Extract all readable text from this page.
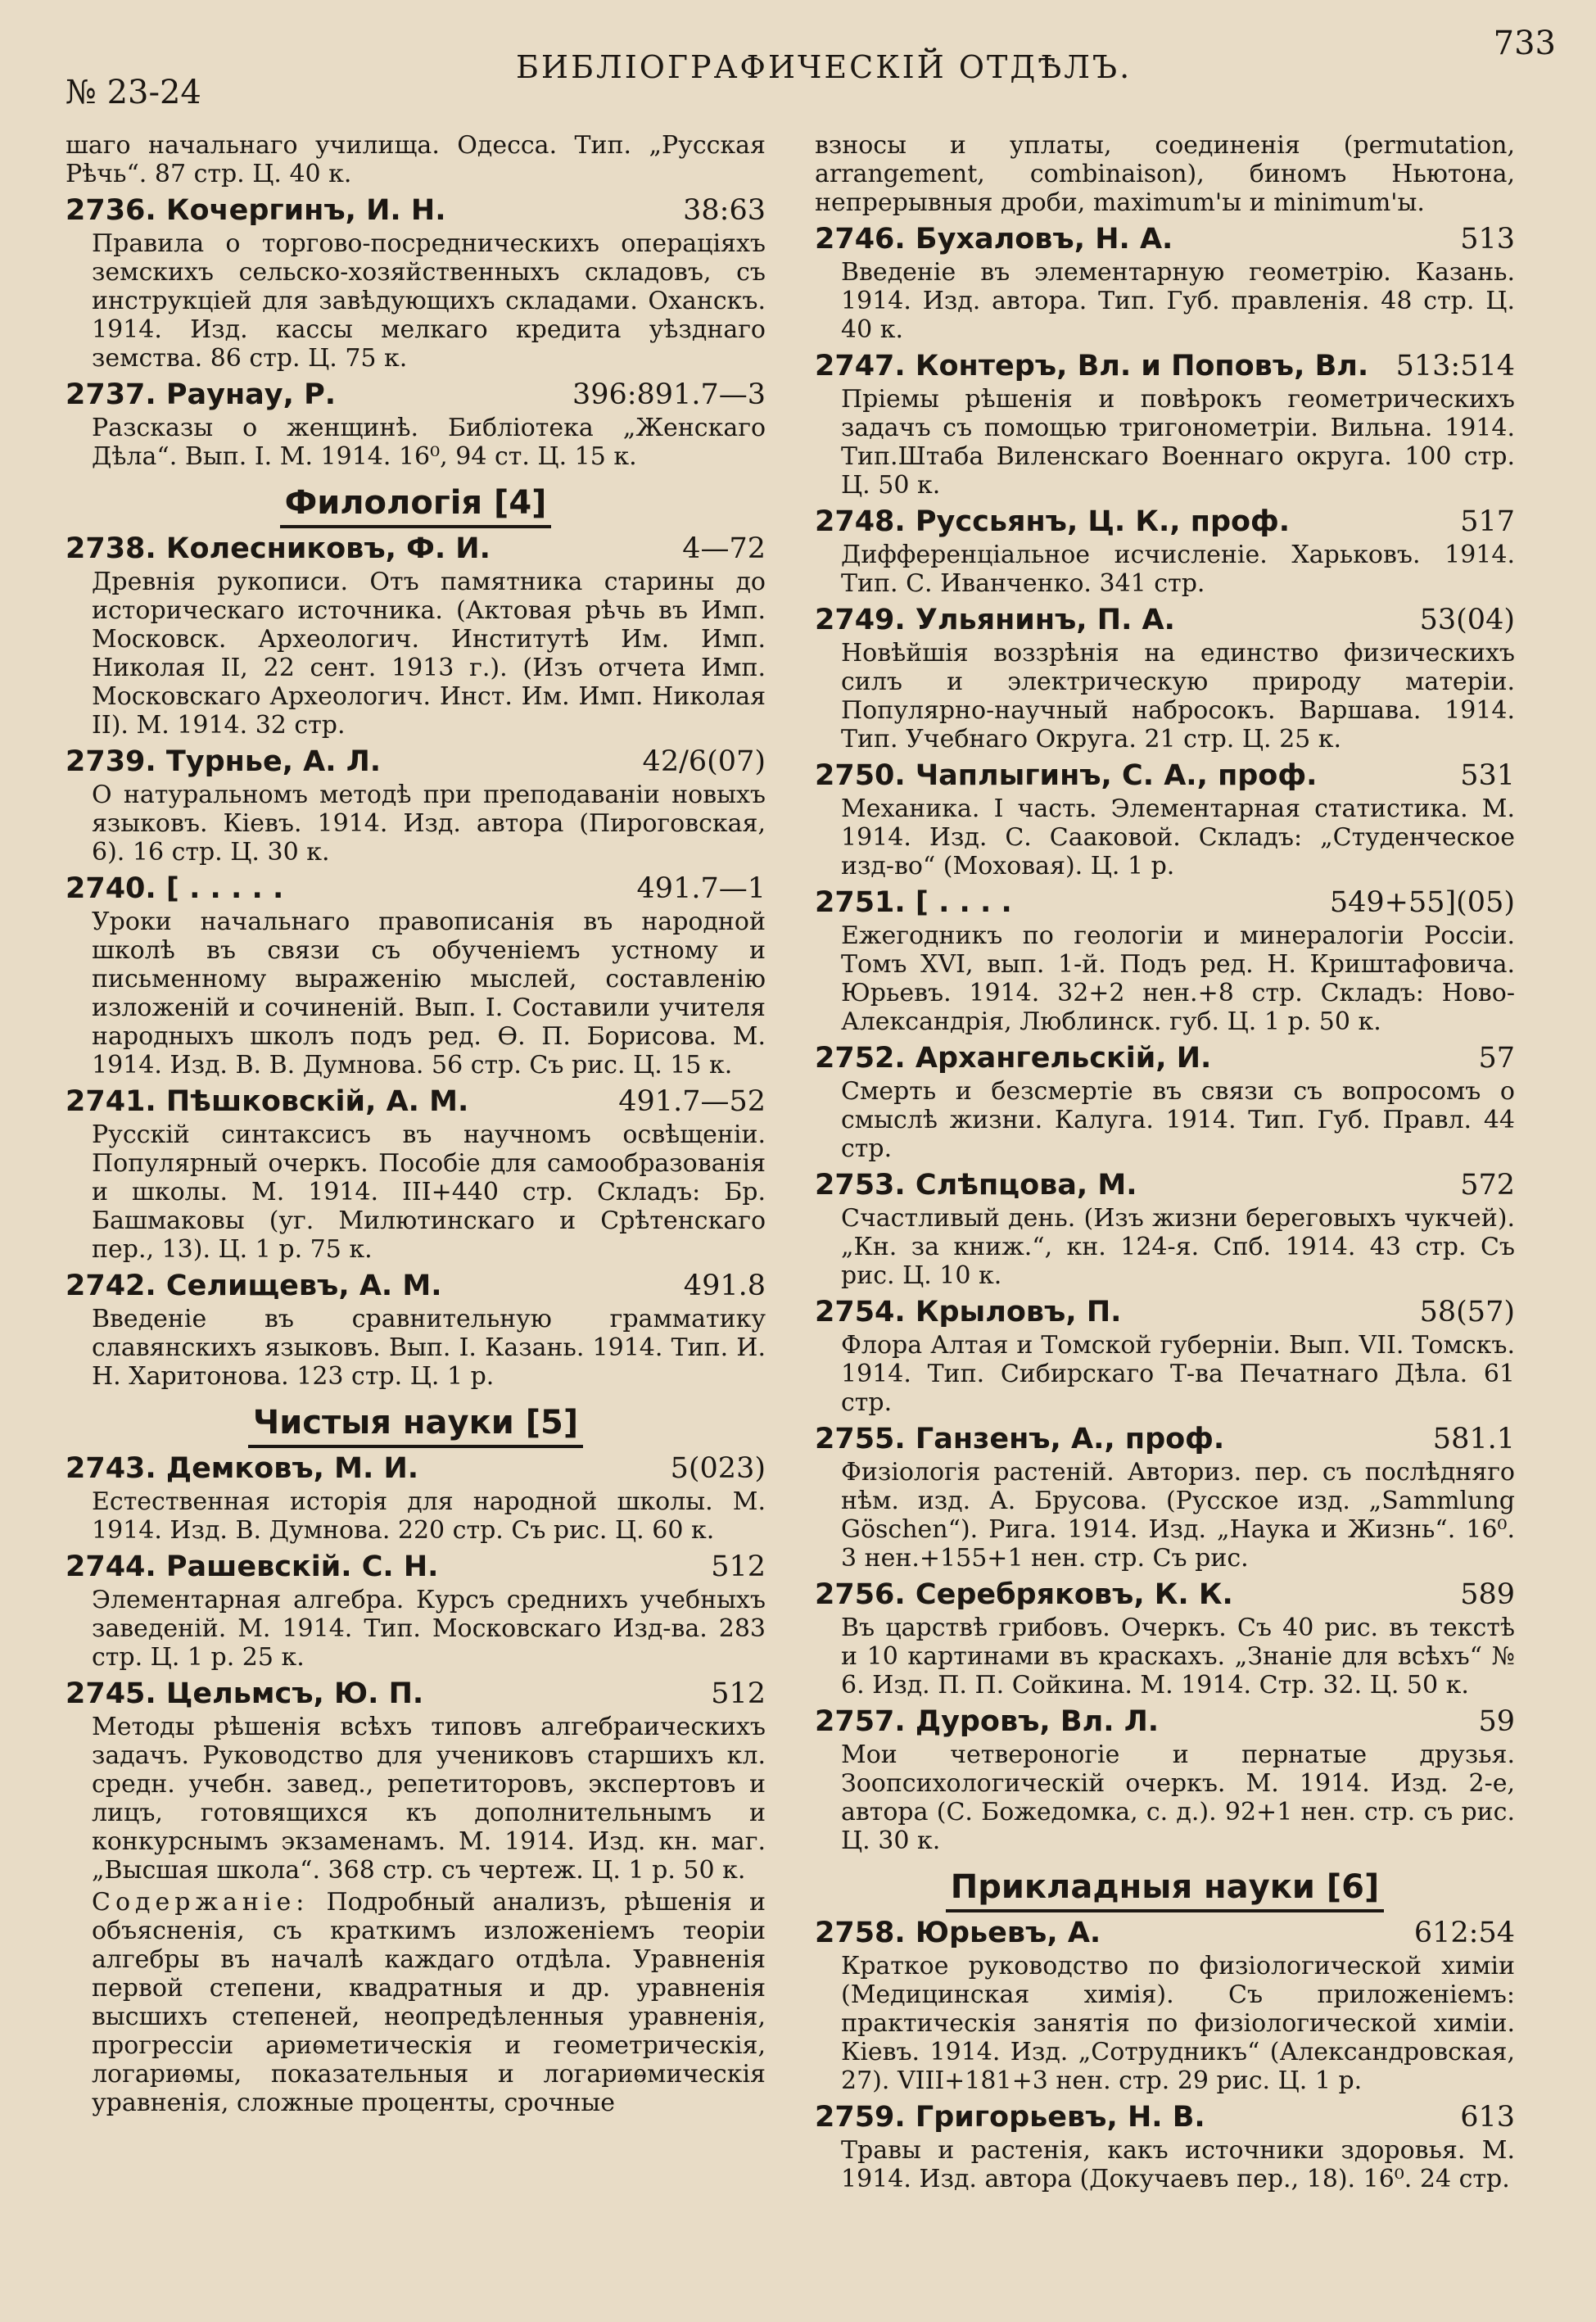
№ 23-24
БИБЛІОГРАФИЧЕСКІЙ ОТДѢЛЪ.
733
шаго начальнаго училища. Одесса. Тип. „Русская Рѣчь“. 87 стр. Ц. 40 к.
2736. Кочергинъ, И. Н.	38:63
Правила о торгово-посредническихъ операціяхъ земскихъ сельско-хозяйственныхъ складовъ, съ инструкціей для завѣдующихъ складами. Оханскъ. 1914. Изд. кассы мелкаго кредита уѣзднаго земства. 86 стр. Ц. 75 к.
2737. Раунау, Р.	396:891.7—3
Разсказы о женщинѣ. Библіотека „Женскаго Дѣла“. Вып. I. М. 1914. 16⁰, 94 ст. Ц. 15 к.
Филологія [4]
2738. Колесниковъ, Ф. И.	4—72
Древнія рукописи. Отъ памятника старины до историческаго источника. (Актовая рѣчь въ Имп. Московск. Археологич. Институтѣ Им. Имп. Николая II, 22 сент. 1913 г.). (Изъ отчета Имп. Московскаго Археологич. Инст. Им. Имп. Николая II). М. 1914. 32 стр.
2739. Турнье, А. Л.	42/6(07)
О натуральномъ методѣ при преподаваніи новыхъ языковъ. Кіевъ. 1914. Изд. автора (Пироговская, 6). 16 стр. Ц. 30 к.
2740. [ . . . . .	491.7—1
Уроки начальнаго правописанія въ народной школѣ въ связи съ обученіемъ устному и письменному выраженію мыслей, составленію изложеній и сочиненій. Вып. I. Составили учителя народныхъ школъ подъ ред. Ѳ. П. Борисова. М. 1914. Изд. В. В. Думнова. 56 стр. Съ рис. Ц. 15 к.
2741. Пѣшковскій, А. М.	491.7—52
Русскій синтаксисъ въ научномъ освѣщеніи. Популярный очеркъ. Пособіе для самообразованія и школы. М. 1914. III+440 стр. Складъ: Бр. Башмаковы (уг. Милютинскаго и Срѣтенскаго пер., 13). Ц. 1 р. 75 к.
2742. Селищевъ, А. М.	491.8
Введеніе въ сравнительную грамматику славянскихъ языковъ. Вып. I. Казань. 1914. Тип. И. Н. Харитонова. 123 стр. Ц. 1 р.
Чистыя науки [5]
2743. Демковъ, М. И.	5(023)
Естественная исторія для народной школы. М. 1914. Изд. В. Думнова. 220 стр. Съ рис. Ц. 60 к.
2744. Рашевскій. С. Н.	512
Элементарная алгебра. Курсъ среднихъ учебныхъ заведеній. М. 1914. Тип. Московскаго Изд-ва. 283 стр. Ц. 1 р. 25 к.
2745. Цельмсъ, Ю. П.	512
Методы рѣшенія всѣхъ типовъ алгебраическихъ задачъ. Руководство для учениковъ старшихъ кл. средн. учебн. завед., репетиторовъ, экспертовъ и лицъ, готовящихся къ дополнительнымъ и конкурснымъ экзаменамъ. М. 1914. Изд. кн. маг. „Высшая школа“. 368 стр. съ чертеж. Ц. 1 р. 50 к.
Содержаніе: Подробный анализъ, рѣшенія и объясненія, съ краткимъ изложеніемъ теоріи алгебры въ началѣ каждаго отдѣла. Уравненія первой степени, квадратныя и др. уравненія высшихъ степеней, неопредѣленныя уравненія, прогрессіи ариѳметическія и геометрическія, логариѳмы, показательныя и логариѳмическія уравненія, сложные проценты, срочные
взносы и уплаты, соединенія (permutation, arrangement, combinaison), биномъ Ньютона, непрерывныя дроби, maximum'ы и minimum'ы.
2746. Бухаловъ, Н. А.	513
Введеніе въ элементарную геометрію. Казань. 1914. Изд. автора. Тип. Губ. правленія. 48 стр. Ц. 40 к.
2747. Контеръ, Вл. и Поповъ, Вл. 513:514
Пріемы рѣшенія и повѣрокъ геометрическихъ задачъ съ помощью тригонометріи. Вильна. 1914. Тип.Штаба Виленскаго Военнаго округа. 100 стр. Ц. 50 к.
2748. Руссьянъ, Ц. К., проф.	517
Дифференціальное исчисленіе. Харьковъ. 1914. Тип. С. Иванченко. 341 стр.
2749. Ульянинъ, П. А.	53(04)
Новѣйшія воззрѣнія на единство физическихъ силъ и электрическую природу матеріи. Популярно-научный набросокъ. Варшава. 1914. Тип. Учебнаго Округа. 21 стр. Ц. 25 к.
2750. Чаплыгинъ, С. А., проф.	531
Механика. I часть. Элементарная статистика. М. 1914. Изд. С. Сааковой. Складъ: „Студенческое изд-во“ (Моховая). Ц. 1 р.
2751. [ . . . .	549+55](05)
Ежегодникъ по геологіи и минералогіи Россіи. Томъ XVI, вып. 1-й. Подъ ред. Н. Криштафовича. Юрьевъ. 1914. 32+2 нен.+8 стр. Складъ: Ново-Александрія, Люблинск. губ. Ц. 1 р. 50 к.
2752. Архангельскій, И.	57
Смерть и безсмертіе въ связи съ вопросомъ о смыслѣ жизни. Калуга. 1914. Тип. Губ. Правл. 44 стр.
2753. Слѣпцова, М.	572
Счастливый день. (Изъ жизни береговыхъ чукчей). „Кн. за книж.“, кн. 124-я. Спб. 1914. 43 стр. Съ рис. Ц. 10 к.
2754. Крыловъ, П.	58(57)
Флора Алтая и Томской губерніи. Вып. VII. Томскъ. 1914. Тип. Сибирскаго Т-ва Печатнаго Дѣла. 61 стр.
2755. Ганзенъ, А., проф.	581.1
Физіологія растеній. Авториз. пер. съ послѣдняго нѣм. изд. А. Брусова. (Русское изд. „Sammlung Göschen“). Рига. 1914. Изд. „Наука и Жизнь“. 16⁰. 3 нен.+155+1 нен. стр. Съ рис.
2756. Серебряковъ, К. К.	589
Въ царствѣ грибовъ. Очеркъ. Съ 40 рис. въ текстѣ и 10 картинами въ краскахъ. „Знаніе для всѣхъ“ № 6. Изд. П. П. Сойкина. М. 1914. Стр. 32. Ц. 50 к.
2757. Дуровъ, Вл. Л.	59
Мои четвероногіе и пернатые друзья. Зоопсихологическій очеркъ. М. 1914. Изд. 2-е, автора (С. Божедомка, с. д.). 92+1 нен. стр. съ рис. Ц. 30 к.
Прикладныя науки [6]
2758. Юрьевъ, А.	612:54
Краткое руководство по физіологической химіи (Медицинская химія). Съ приложеніемъ: практическія занятія по физіологической химіи. Кіевъ. 1914. Изд. „Сотрудникъ“ (Александровская, 27). VIII+181+3 нен. стр. 29 рис. Ц. 1 р.
2759. Григорьевъ, Н. В.	613
Травы и растенія, какъ источники здоровья. М. 1914. Изд. автора (Докучаевъ пер., 18). 16⁰. 24 стр.
